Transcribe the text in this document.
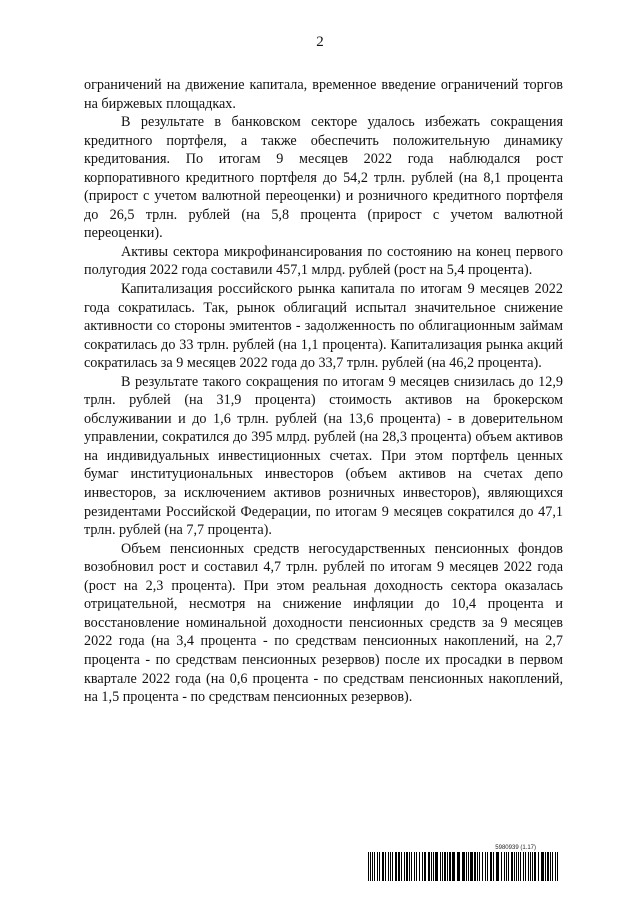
2

ограничений на движение капитала, временное введение ограничений торгов на биржевых площадках.

В результате в банковском секторе удалось избежать сокращения кредитного портфеля, а также обеспечить положительную динамику кредитования. По итогам 9 месяцев 2022 года наблюдался рост корпоративного кредитного портфеля до 54,2 трлн. рублей (на 8,1 процента (прирост с учетом валютной переоценки) и розничного кредитного портфеля до 26,5 трлн. рублей (на 5,8 процента (прирост с учетом валютной переоценки).

Активы сектора микрофинансирования по состоянию на конец первого полугодия 2022 года составили 457,1 млрд. рублей (рост на 5,4 процента).

Капитализация российского рынка капитала по итогам 9 месяцев 2022 года сократилась. Так, рынок облигаций испытал значительное снижение активности со стороны эмитентов - задолженность по облигационным займам сократилась до 33 трлн. рублей (на 1,1 процента). Капитализация рынка акций сократилась за 9 месяцев 2022 года до 33,7 трлн. рублей (на 46,2 процента).

В результате такого сокращения по итогам 9 месяцев снизилась до 12,9 трлн. рублей (на 31,9 процента) стоимость активов на брокерском обслуживании и до 1,6 трлн. рублей (на 13,6 процента) - в доверительном управлении, сократился до 395 млрд. рублей (на 28,3 процента) объем активов на индивидуальных инвестиционных счетах. При этом портфель ценных бумаг институциональных инвесторов (объем активов на счетах депо инвесторов, за исключением активов розничных инвесторов), являющихся резидентами Российской Федерации, по итогам 9 месяцев сократился до 47,1 трлн. рублей (на 7,7 процента).

Объем пенсионных средств негосударственных пенсионных фондов возобновил рост и составил 4,7 трлн. рублей по итогам 9 месяцев 2022 года (рост на 2,3 процента). При этом реальная доходность сектора оказалась отрицательной, несмотря на снижение инфляции до 10,4 процента и восстановление номинальной доходности пенсионных средств за 9 месяцев 2022 года (на 3,4 процента - по средствам пенсионных накоплений, на 2,7 процента - по средствам пенсионных резервов) после их просадки в первом квартале 2022 года (на 0,6 процента - по средствам пенсионных накоплений, на 1,5 процента - по средствам пенсионных резервов).

5980939 (1.17)
